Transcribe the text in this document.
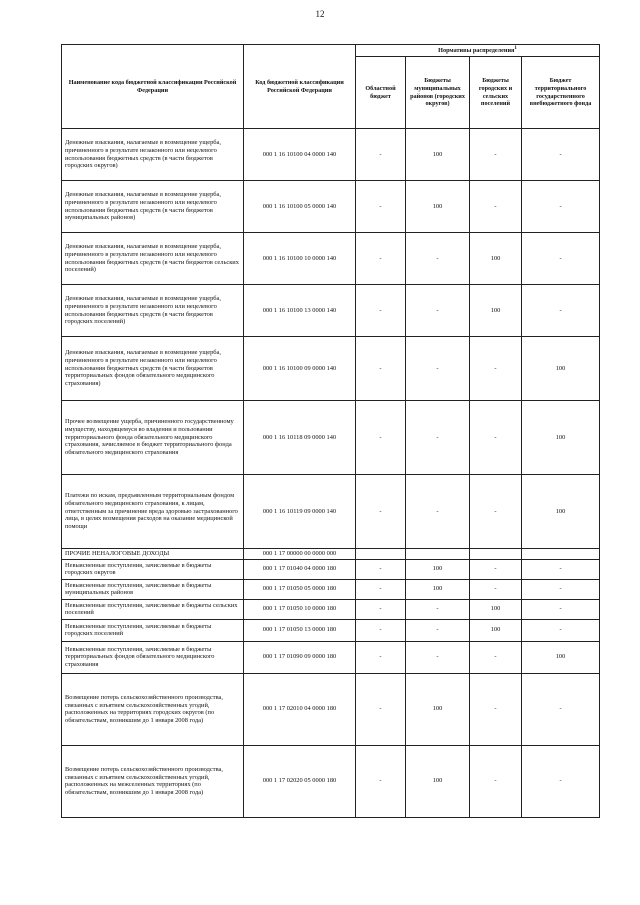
12
Наименование кода бюджетной классификации Российской Федерации	Код бюджетной классификации Российской Федерации	Нормативы распределения$^1$
		Областной бюджет	Бюджеты муниципальных районов (городских округов)	Бюджеты городских и сельских поселений	Бюджет территориального государственного внебюджетного фонда
Денежные взыскания, налагаемые в возмещение ущерба, причиненного в результате незаконного или нецелевого использования бюджетных средств (в части бюджетов городских округов)	000 1 16 10100 04 0000 140	-	100	-	-
Денежные взыскания, налагаемые в возмещение ущерба, причиненного в результате незаконного или нецелевого использования бюджетных средств (в части бюджетов муниципальных районов)	000 1 16 10100 05 0000 140	-	100	-	-
Денежные взыскания, налагаемые в возмещение ущерба, причиненного в результате незаконного или нецелевого использования бюджетных средств (в части бюджетов сельских поселений)	000 1 16 10100 10 0000 140	-	-	100	-
Денежные взыскания, налагаемые в возмещение ущерба, причиненного в результате незаконного или нецелевого использования бюджетных средств (в части бюджетов городских поселений)	000 1 16 10100 13 0000 140	-	-	100	-
Денежные взыскания, налагаемые в возмещение ущерба, причиненного в результате незаконного или нецелевого использования бюджетных средств (в части бюджетов территориальных фондов обязательного медицинского страхования)	000 1 16 10100 09 0000 140	-	-	-	100
Прочее возмещение ущерба, причиненного государственному имуществу, находящемуся во владении и пользовании территориального фонда обязательного медицинского страхования, зачисляемое в бюджет территориального фонда обязательного медицинского страхования	000 1 16 10118 09 0000 140	-	-	-	100
Платежи по искам, предъявленным территориальным фондом обязательного медицинского страхования, к лицам, ответственным за причинение вреда здоровью застрахованного лица, в целях возмещения расходов на оказание медицинской помощи	000 1 16 10119 09 0000 140	-	-	-	100
ПРОЧИЕ НЕНАЛОГОВЫЕ ДОХОДЫ	000 1 17 00000 00 0000 000				
Невыясненные поступления, зачисляемые в бюджеты городских округов	000 1 17 01040 04 0000 180	-	100	-	-
Невыясненные поступления, зачисляемые в бюджеты муниципальных районов	000 1 17 01050 05 0000 180	-	100	-	-
Невыясненные поступления, зачисляемые в бюджеты сельских поселений	000 1 17 01050 10 0000 180	-	-	100	-
Невыясненные поступления, зачисляемые в бюджеты городских поселений	000 1 17 01050 13 0000 180	-	-	100	-
Невыясненные поступления, зачисляемые в бюджеты территориальных фондов обязательного медицинского страхования	000 1 17 01090 09 0000 180	-	-	-	100
Возмещение потерь сельскохозяйственного производства, связанных с изъятием сельскохозяйственных угодий, расположенных на территориях городских округов (по обязательствам, возникшим до 1 января 2008 года)	000 1 17 02010 04 0000 180	-	100	-	-
Возмещение потерь сельскохозяйственного производства, связанных с изъятием сельскохозяйственных угодий, расположенных на межселенных территориях (по обязательствам, возникшим до 1 января 2008 года)	000 1 17 02020 05 0000 180	-	100	-	-
